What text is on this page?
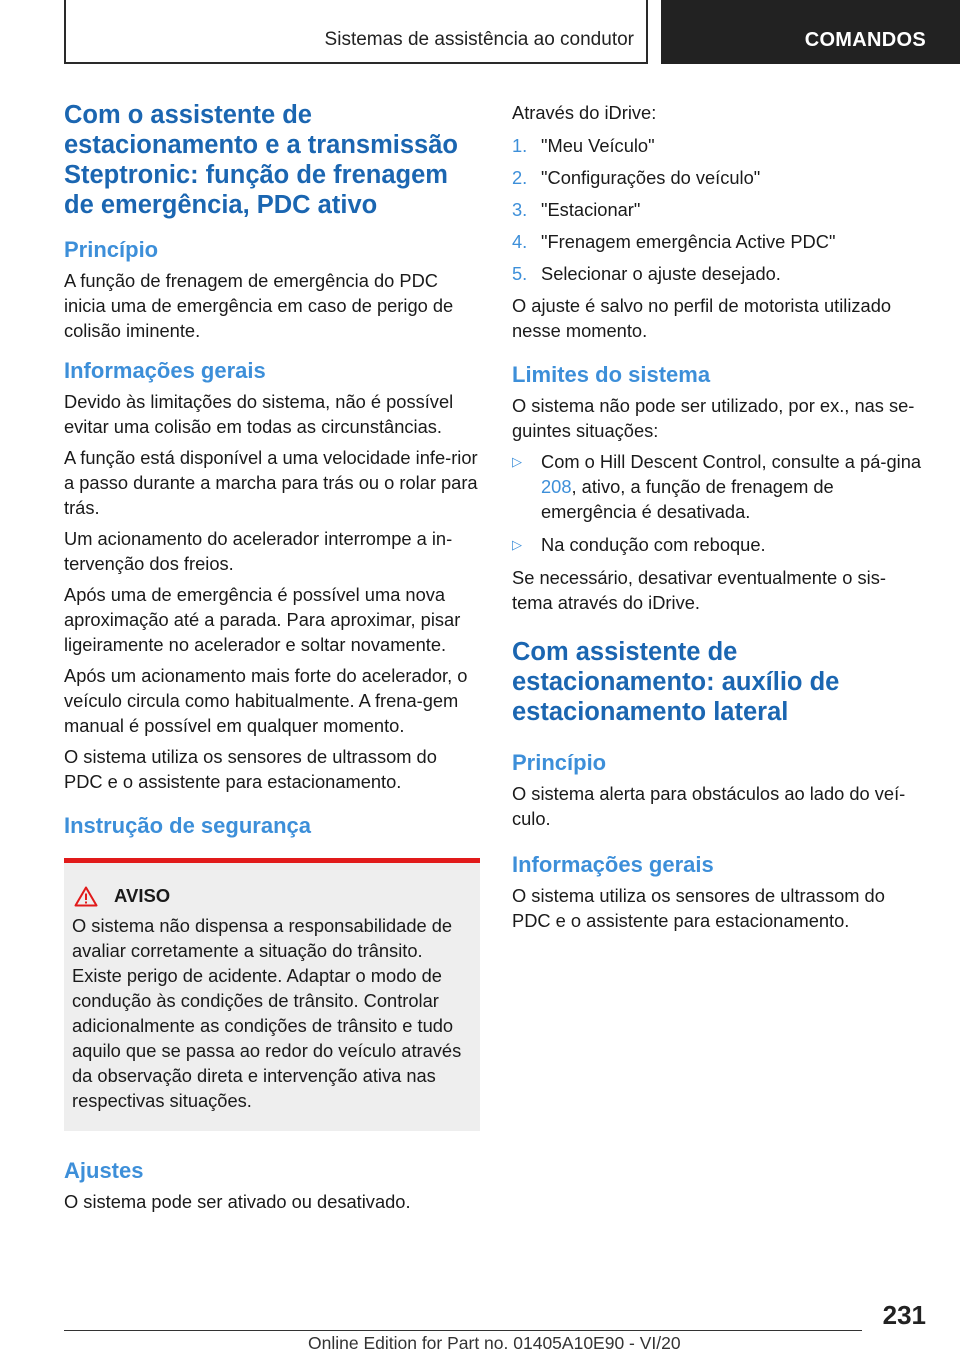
Sistemas de assistência ao condutor	COMANDOS
Com o assistente de estacionamento e a transmissão Steptronic: função de frenagem de emergência, PDC ativo
Princípio
A função de frenagem de emergência do PDC inicia uma de emergência em caso de perigo de colisão iminente.
Informações gerais
Devido às limitações do sistema, não é possível evitar uma colisão em todas as circunstâncias.
A função está disponível a uma velocidade infe-rior a passo durante a marcha para trás ou o rolar para trás.
Um acionamento do acelerador interrompe a in-tervenção dos freios.
Após uma de emergência é possível uma nova aproximação até a parada. Para aproximar, pisar ligeiramente no acelerador e soltar novamente.
Após um acionamento mais forte do acelerador, o veículo circula como habitualmente. A frena-gem manual é possível em qualquer momento.
O sistema utiliza os sensores de ultrassom do PDC e o assistente para estacionamento.
Instrução de segurança
AVISO
O sistema não dispensa a responsabilidade de avaliar corretamente a situação do trânsito. Existe perigo de acidente. Adaptar o modo de condução às condições de trânsito. Controlar adicionalmente as condições de trânsito e tudo aquilo que se passa ao redor do veículo através da observação direta e intervenção ativa nas respectivas situações.
Ajustes
O sistema pode ser ativado ou desativado.
Através do iDrive:
1. "Meu Veículo"
2. "Configurações do veículo"
3. "Estacionar"
4. "Frenagem emergência Active PDC"
5. Selecionar o ajuste desejado.
O ajuste é salvo no perfil de motorista utilizado nesse momento.
Limites do sistema
O sistema não pode ser utilizado, por ex., nas se-guintes situações:
▷	Com o Hill Descent Control, consulte a pá-gina 208, ativo, a função de frenagem de emergência é desativada.
▷	Na condução com reboque.
Se necessário, desativar eventualmente o sis-tema através do iDrive.
Com assistente de estacionamento: auxílio de estacionamento lateral
Princípio
O sistema alerta para obstáculos ao lado do veí-culo.
Informações gerais
O sistema utiliza os sensores de ultrassom do PDC e o assistente para estacionamento.
231
Online Edition for Part no. 01405A10E90 - VI/20
